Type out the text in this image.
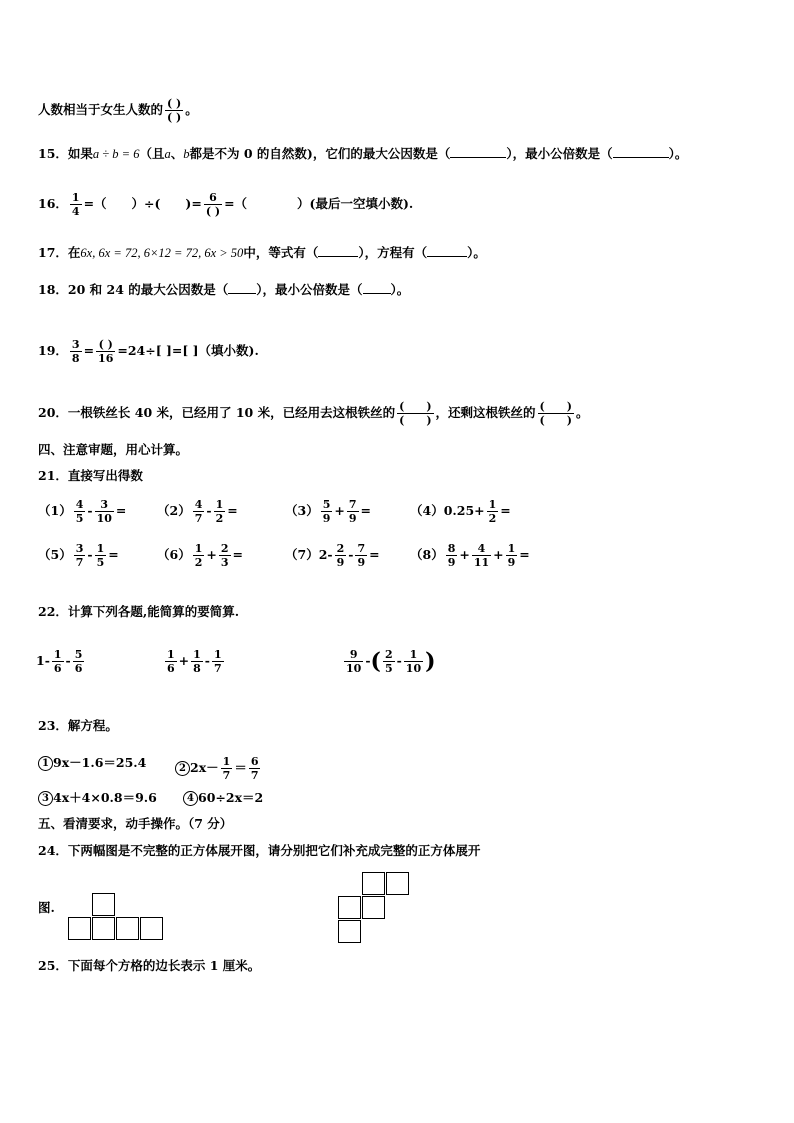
人数相当于女生人数的 $\frac{( )}{( )}$ 。
15．如果a ÷ b = 6（且a、b都是不为 0 的自然数)，它们的最大公因数是（	），最小公倍数是（	）。
16． $\frac{1}{4}$ =（　　）÷(　　)= $\frac{6}{( )}$ =（　　　　）(最后一空填小数).
17．在6x, 6x = 72, 6×12 = 72, 6x > 50中，等式有（	），方程有（	）。
18．20 和 24 的最大公因数是（ ），最小公倍数是（ ）。
19． $\frac{3}{8} = \frac{( )}{16} =24\div$[ ]=[ ]（填小数).
20．一根铁丝长 40 米，已经用了 10 米，已经用去这根铁丝的 $\frac{( )}{( )}$ ，还剩这根铁丝的 $\frac{( )}{( )}$ 。
四、注意审题，用心计算。
21．直接写出得数
$(1) \frac{4}{5} - \frac{3}{10} = (2) \frac{4}{7} - \frac{1}{2}$ =	$(3) \frac{5}{9} + \frac{7}{9}$ =	$(4)0.25+ \frac{1}{2}$ =
$(5) \frac{3}{7} - \frac{1}{5}$ =	$(6) \frac{1}{2} + \frac{2}{3}$ =	$(7)2- \frac{2}{9} - \frac{7}{9} = (8) \frac{8}{9} + \frac{4}{11} + \frac{1}{9}$ =
22．计算下列各题,能简算的要简算.
$1- \frac{1}{6} - \frac{5}{6}$	$\frac{1}{6} + \frac{1}{8} - \frac{1}{7}$	$\frac{9}{10}$ -( $\frac{2}{5} - \frac{1}{10}$ )
23．解方程。
1 9x－1.6＝25.4	2 $2x- \frac{1}{7} = \frac{6}{7}$
3 4x＋4×0.8＝9.6	4 60÷2x＝2
五、看清要求，动手操作。（7 分）
24．下两幅图是不完整的正方体展开图，请分别把它们补充成完整的正方体展开
图.
25．下面每个方格的边长表示 1 厘米。
